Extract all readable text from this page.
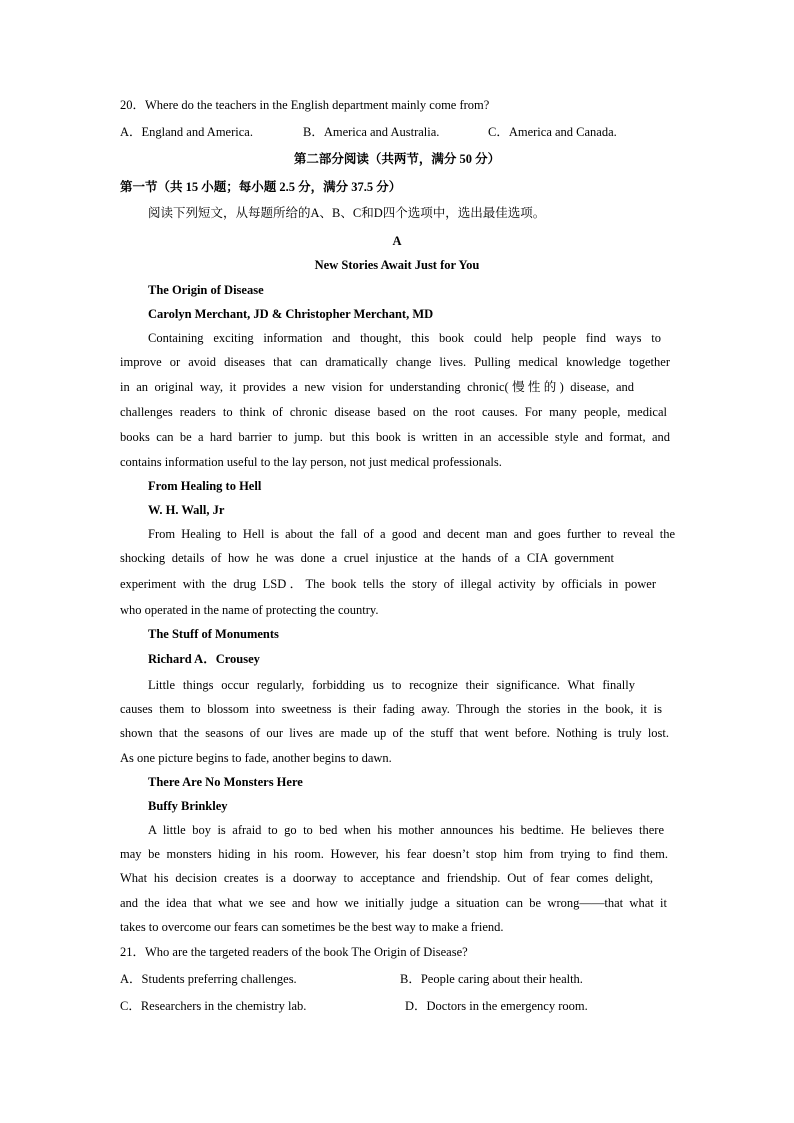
20．Where do the teachers in the English department mainly come from?
A．England and America.	B．America and Australia.	C．America and Canada.
第二部分阅读（共两节，满分 50 分）
第一节（共 15 小题；每小题 2.5 分，满分 37.5 分）
阅读下列短文，从每题所给的A、B、C和D四个选项中，选出最佳选项。
A
New Stories Await Just for You
The Origin of Disease
Carolyn Merchant, JD & Christopher Merchant, MD
Containing exciting information and thought, this book could help people find ways to
improve or avoid diseases that can dramatically change lives. Pulling medical knowledge together
in an original way, it provides a new vision for understanding chronic(慢性的) disease, and
challenges readers to think of chronic disease based on the root causes. For many people, medical
books can be a hard barrier to jump. but this book is written in an accessible style and format, and
contains information useful to the lay person, not just medical professionals.
From Healing to Hell
W. H. Wall, Jr
From Healing to Hell is about the fall of a good and decent man and goes further to reveal the
shocking details of how he was done a cruel injustice at the hands of a CIA government
experiment with the drug LSD．The book tells the story of illegal activity by officials in power
who operated in the name of protecting the country.
The Stuff of Monuments
Richard A．Crousey
Little things occur regularly, forbidding us to recognize their significance. What finally
causes them to blossom into sweetness is their fading away. Through the stories in the book, it is
shown that the seasons of our lives are made up of the stuff that went before. Nothing is truly lost.
As one picture begins to fade, another begins to dawn.
There Are No Monsters Here
Buffy Brinkley
A little boy is afraid to go to bed when his mother announces his bedtime. He believes there
may be monsters hiding in his room. However, his fear doesn’t stop him from trying to find them.
What his decision creates is a doorway to acceptance and friendship. Out of fear comes delight,
and the idea that what we see and how we initially judge a situation can be wrong——that what it
takes to overcome our fears can sometimes be the best way to make a friend.
21．Who are the targeted readers of the book The Origin of Disease?
A．Students preferring challenges.	B．People caring about their health.
C．Researchers in the chemistry lab.	D．Doctors in the emergency room.
